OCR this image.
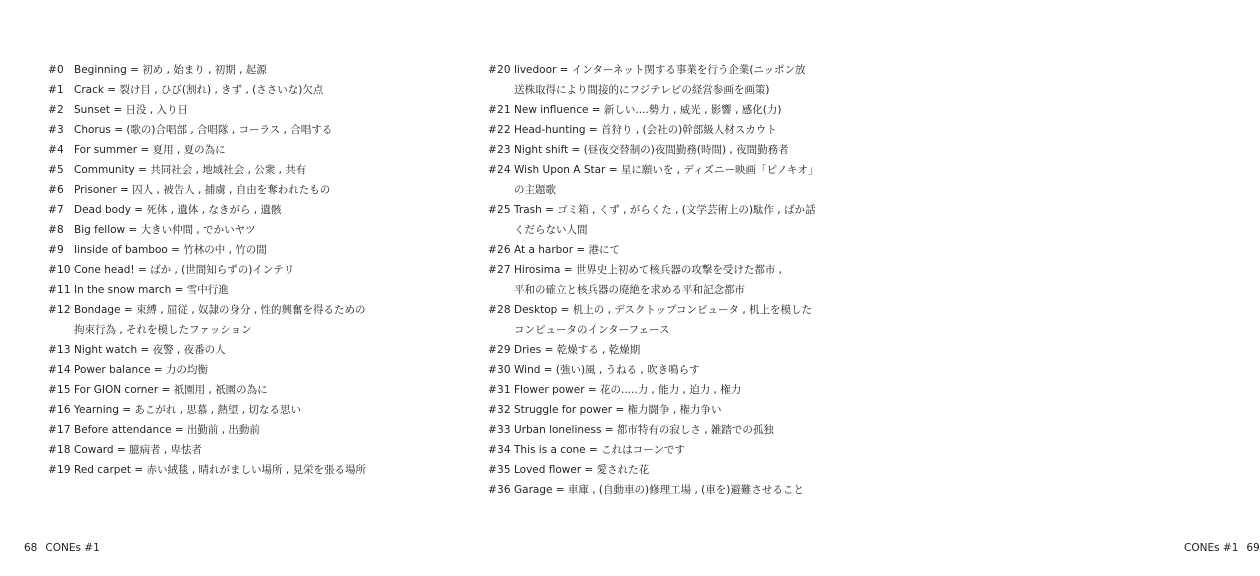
#0 Beginning = 初め , 始まり , 初期 , 起源
#1 Crack = 裂け目 , ひび(割れ) , きず , (ささいな)欠点
#2 Sunset = 日没 , 入り日
#3 Chorus = (歌の)合唱部 , 合唱隊 , コーラス , 合唱する
#4 For summer = 夏用 , 夏の為に
#5 Community = 共同社会 , 地域社会 , 公衆 , 共有
#6 Prisoner = 囚人 , 被告人 , 捕虜 , 自由を奪われたもの
#7 Dead body = 死体 , 遺体 , なきがら , 遺骸
#8 Big fellow = 大きい仲間 , でかいヤツ
#9 Iinside of bamboo = 竹林の中 , 竹の間
#10 Cone head! = ばか , (世間知らずの)インテリ
#11 In the snow march = 雪中行進
#12 Bondage = 束縛 , 屈従 , 奴隷の身分 , 性的興奮を得るための
拘束行為 , それを模したファッション
#13 Night watch = 夜警 , 夜番の人
#14 Power balance = 力の均衡
#15 For GION corner = 祇園用 , 祇園の為に
#16 Yearning = あこがれ , 思慕 , 熱望 , 切なる思い
#17 Before attendance = 出勤前 , 出動前
#18 Coward = 臆病者 , 卑怯者
#19 Red carpet = 赤い絨毯 , 晴れがましい場所 , 見栄を張る場所
68 CONEs #1
#20 livedoor = インターネット関する事業を行う企業(ニッポン放
送株取得により間接的にフジテレビの経営参画を画策)
#21 New influence = 新しい....勢力 , 威光 , 影響 , 感化(力)
#22 Head-hunting = 首狩り , (会社の)幹部級人材スカウト
#23 Night shift = (昼夜交替制の)夜間勤務(時間) , 夜間勤務者
#24 Wish Upon A Star = 星に願いを , ディズニー映画「ピノキオ」
の主題歌
#25 Trash = ゴミ箱 , くず , がらくた , (文学芸術上の)駄作 , ばか話
くだらない人間
#26 At a harbor = 港にて
#27 Hirosima = 世界史上初めて核兵器の攻撃を受けた都市 ,
平和の確立と核兵器の廃絶を求める平和記念都市
#28 Desktop = 机上の , デスクトップコンピュータ , 机上を模した
コンピュータのインターフェース
#29 Dries = 乾燥する , 乾燥期
#30 Wind = (強い)風 , うねる , 吹き鳴らす
#31 Flower power = 花の.....力 , 能力 , 迫力 , 権力
#32 Struggle for power = 権力闘争 , 権力争い
#33 Urban loneliness = 都市特有の寂しさ , 雑踏での孤独
#34 This is a cone = これはコーンです
#35 Loved flower = 愛された花
#36 Garage = 車庫 , (自動車の)修理工場 , (車を)避難させること
CONEs #1 69
